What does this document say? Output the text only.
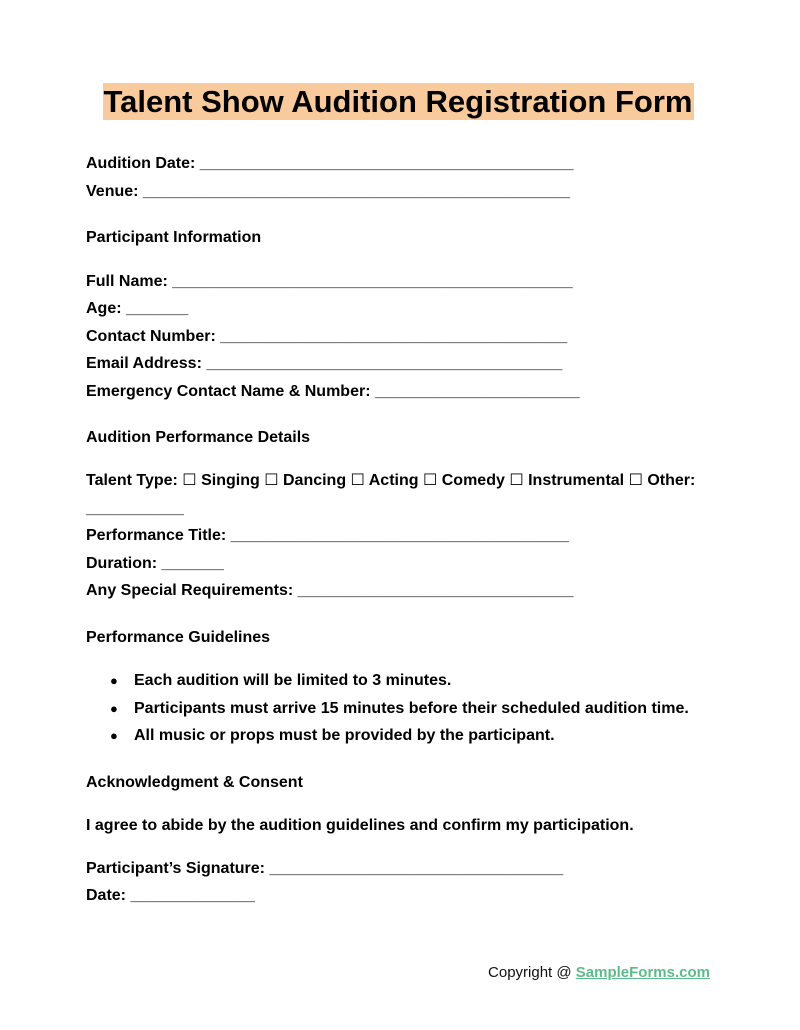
Talent Show Audition Registration Form
Audition Date: __________________________________________
Venue: ________________________________________________
Participant Information
Full Name: _____________________________________________
Age: _______
Contact Number: _______________________________________
Email Address: ________________________________________
Emergency Contact Name & Number: _______________________
Audition Performance Details
Talent Type: ☐ Singing ☐ Dancing ☐ Acting ☐ Comedy ☐ Instrumental ☐ Other:
___________
Performance Title: ______________________________________
Duration: _______
Any Special Requirements: _______________________________
Performance Guidelines
● Each audition will be limited to 3 minutes.
● Participants must arrive 15 minutes before their scheduled audition time.
● All music or props must be provided by the participant.
Acknowledgment & Consent
I agree to abide by the audition guidelines and confirm my participation.
Participant’s Signature: _________________________________
Date: ______________
Copyright @ SampleForms.com
